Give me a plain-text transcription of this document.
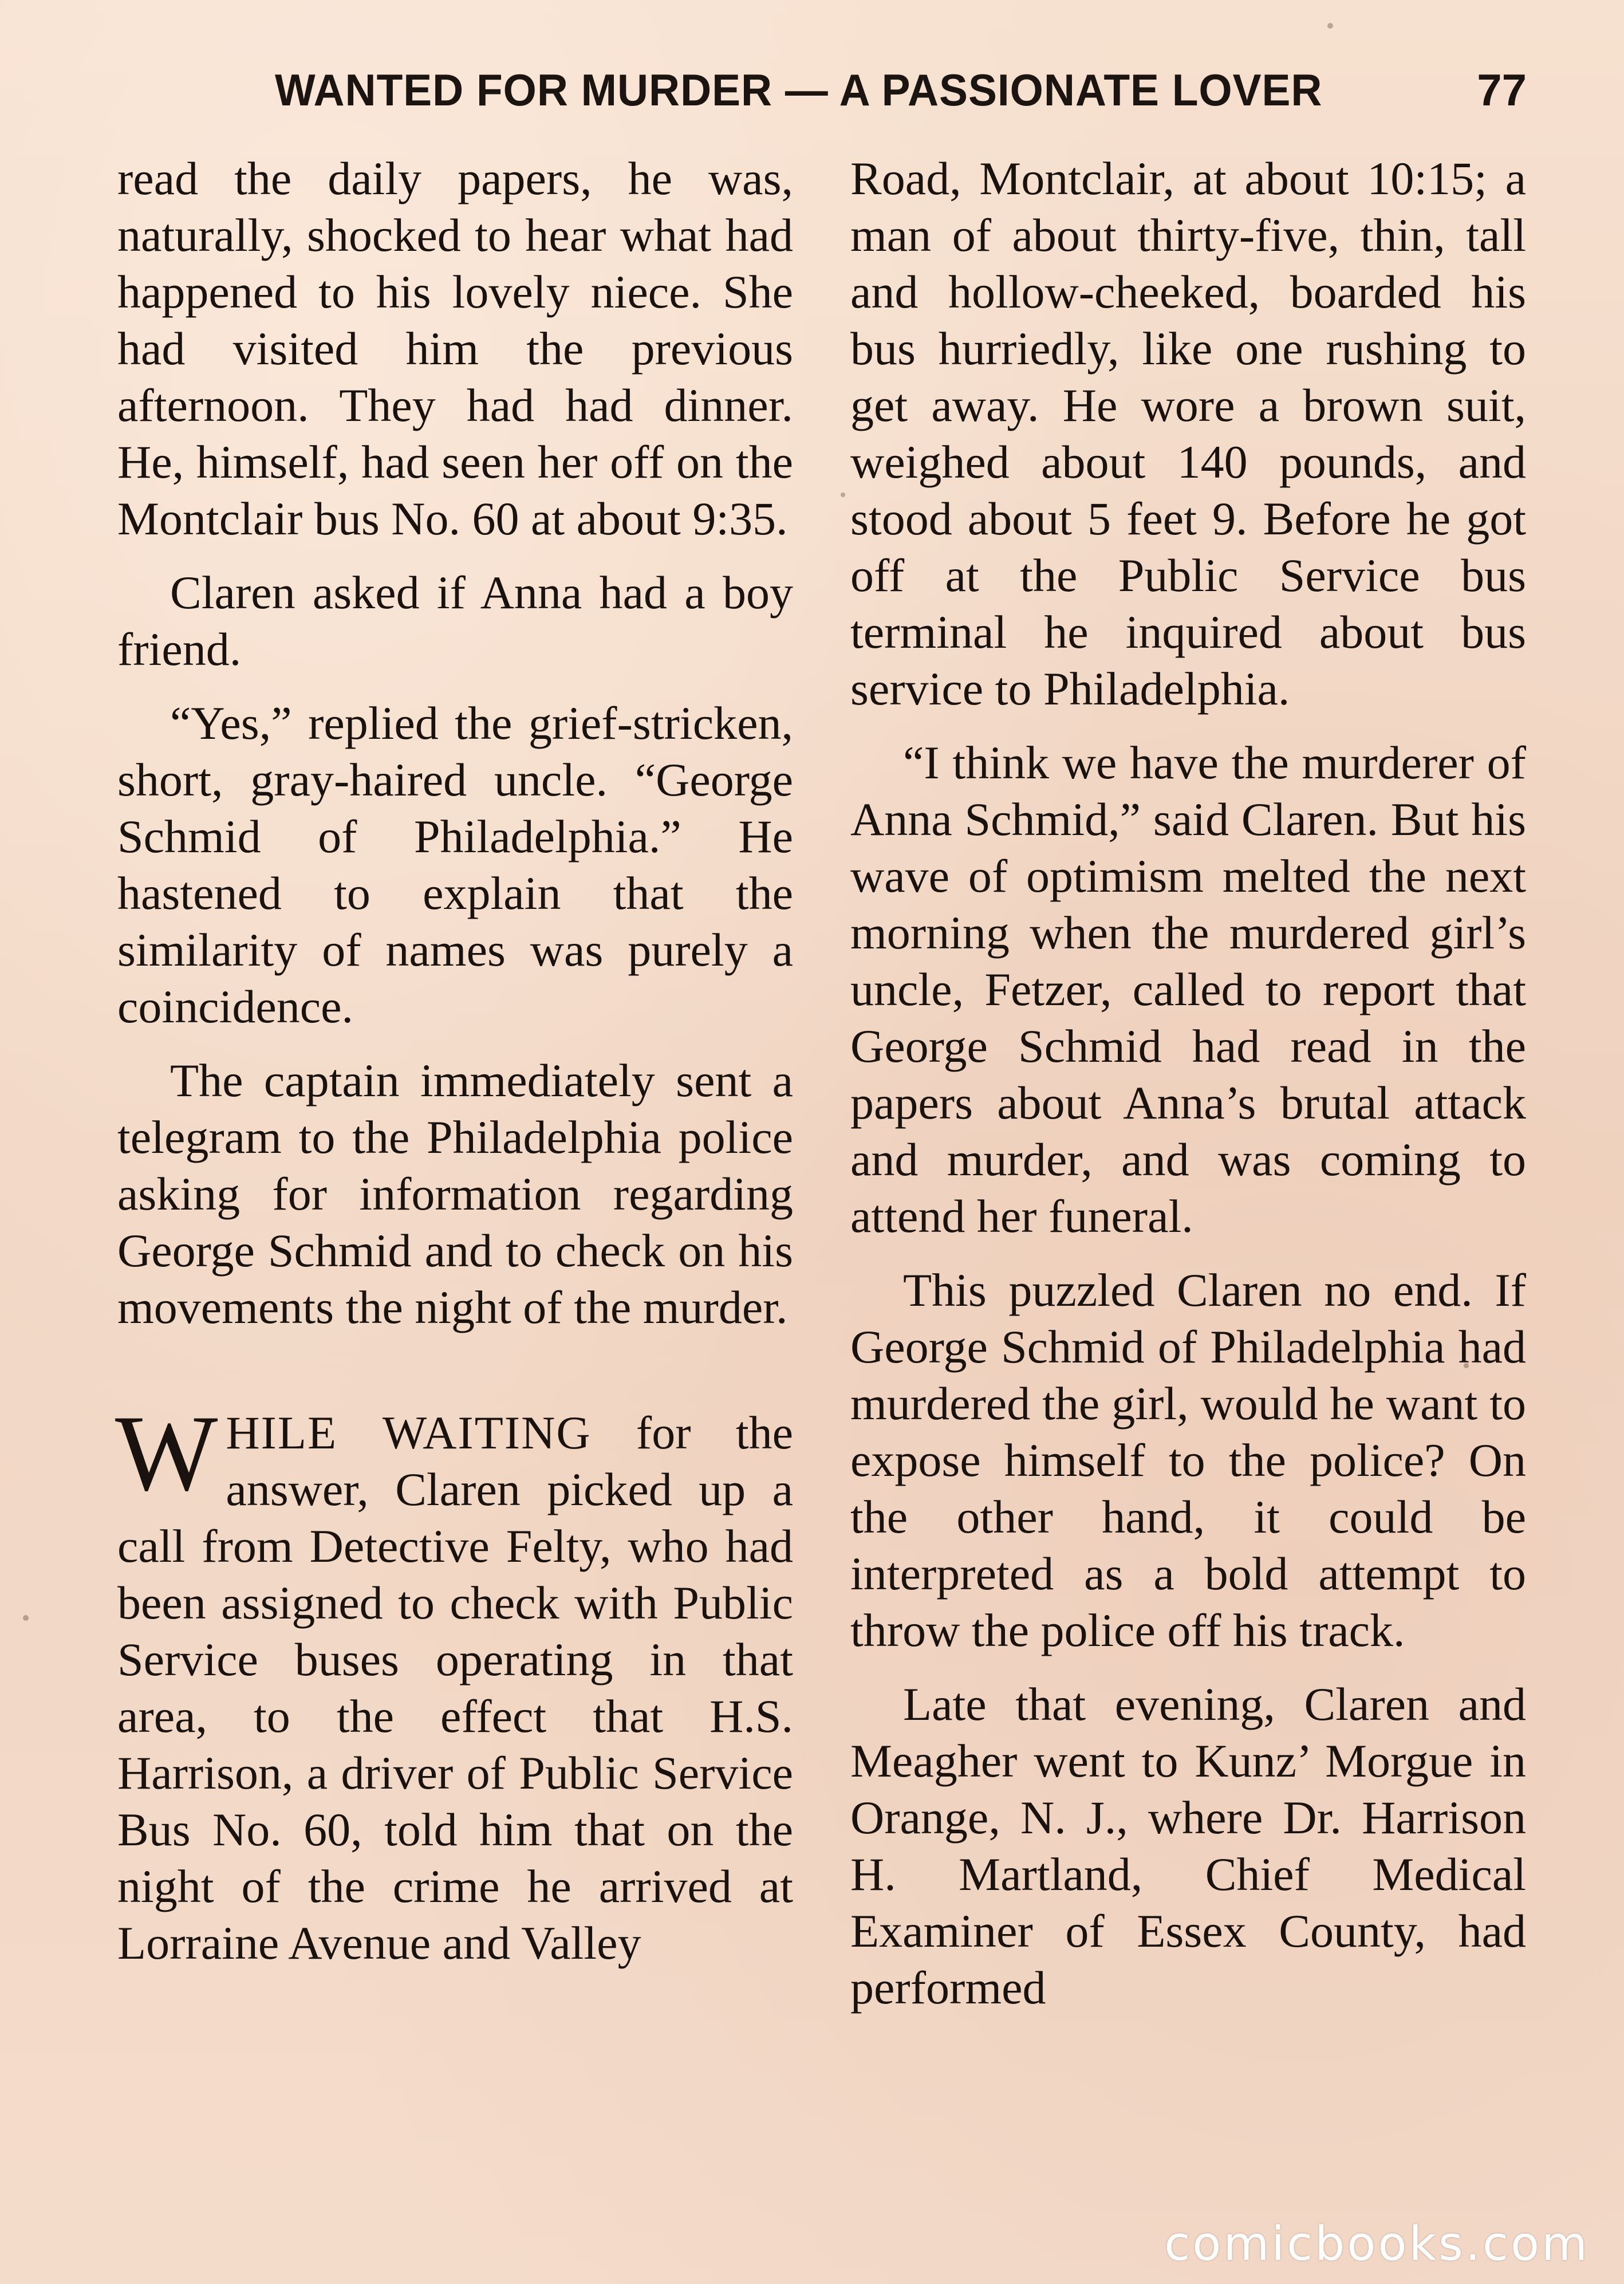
WANTED FOR MURDER — A PASSIONATE LOVER	77

read the daily papers, he was, naturally, shocked to hear what had happened to his lovely niece. She had visited him the previous afternoon. They had had dinner. He, himself, had seen her off on the Montclair bus No. 60 at about 9:35.

Claren asked if Anna had a boy friend.

“Yes,” replied the grief-stricken, short, gray-haired uncle. “George Schmid of Philadelphia.” He hastened to explain that the similarity of names was purely a coincidence.

The captain immediately sent a telegram to the Philadelphia police asking for information regarding George Schmid and to check on his movements the night of the murder.

WHILE WAITING for the answer, Claren picked up a call from Detective Felty, who had been assigned to check with Public Service buses operating in that area, to the effect that H.S. Harrison, a driver of Public Service Bus No. 60, told him that on the night of the crime he arrived at Lorraine Avenue and Valley

Road, Montclair, at about 10:15; a man of about thirty-five, thin, tall and hollow-cheeked, boarded his bus hurriedly, like one rushing to get away. He wore a brown suit, weighed about 140 pounds, and stood about 5 feet 9. Before he got off at the Public Service bus terminal he inquired about bus service to Philadelphia.

“I think we have the murderer of Anna Schmid,” said Claren. But his wave of optimism melted the next morning when the murdered girl’s uncle, Fetzer, called to report that George Schmid had read in the papers about Anna’s brutal attack and murder, and was coming to attend her funeral.

This puzzled Claren no end. If George Schmid of Philadelphia had murdered the girl, would he want to expose himself to the police? On the other hand, it could be interpreted as a bold attempt to throw the police off his track.

Late that evening, Claren and Meagher went to Kunz’ Morgue in Orange, N. J., where Dr. Harrison H. Martland, Chief Medical Examiner of Essex County, had performed

comicbooks.com
